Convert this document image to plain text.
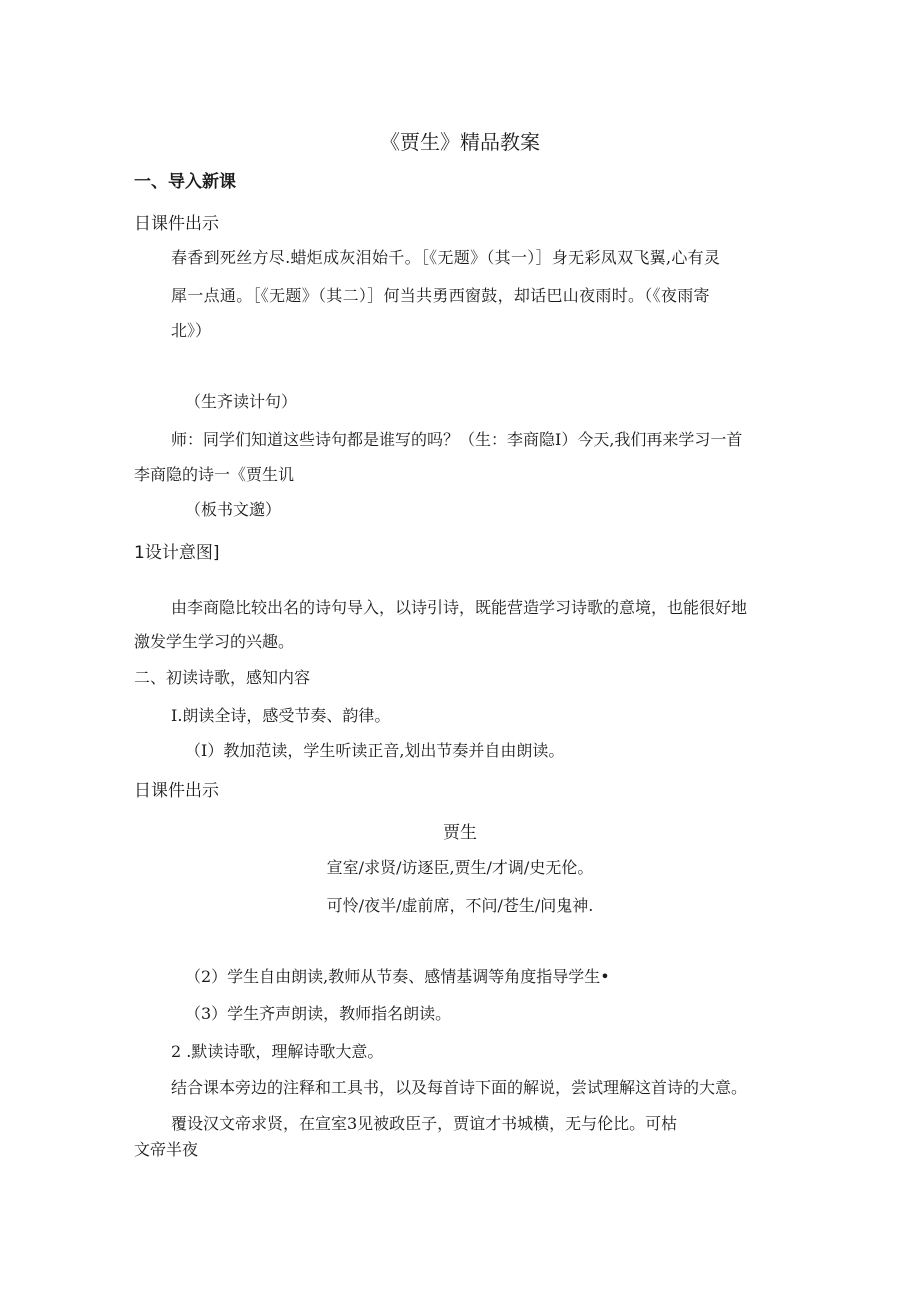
《贾生》精品教案
一、导入新课
日课件出示
春香到死丝方尽.蜡炬成灰泪始千。［《无题》（其一）］身无彩凤双飞翼,心有灵
犀一点通。［《无题》（其二）］何当共勇西窗鼓，却话巴山夜雨时。（《夜雨寄
北》）
（生齐读计句）
师：同学们知道这些诗句都是谁写的吗？（生：李商隐I）今天,我们再来学习一首
李商隐的诗一《贾生讥
（板书文邈）
1设计意图]
由李商隐比较出名的诗句导入，以诗引诗，既能营造学习诗歌的意境，也能很好地
激发学生学习的兴趣。
二、初读诗歌，感知内容
I.朗读全诗，感受节奏、韵律。
（I）教加范读，学生听读正音,划出节奏并自由朗读。
日课件出示
贾生
宣室/求贤/访逐臣,贾生/才调/史无伦。
可怜/夜半/虚前席，不问/苍生/问鬼神.
（2）学生自由朗读,教师从节奏、感情基调等角度指导学生•
（3）学生齐声朗读，教师指名朗读。
2 .默读诗歌，理解诗歌大意。
结合课本旁边的注释和工具书，以及每首诗下面的解说，尝试理解这首诗的大意。
覆设汉文帝求贤，在宣室3见被政臣子，贾谊才书城横，无与伦比。可枯
文帝半夜
